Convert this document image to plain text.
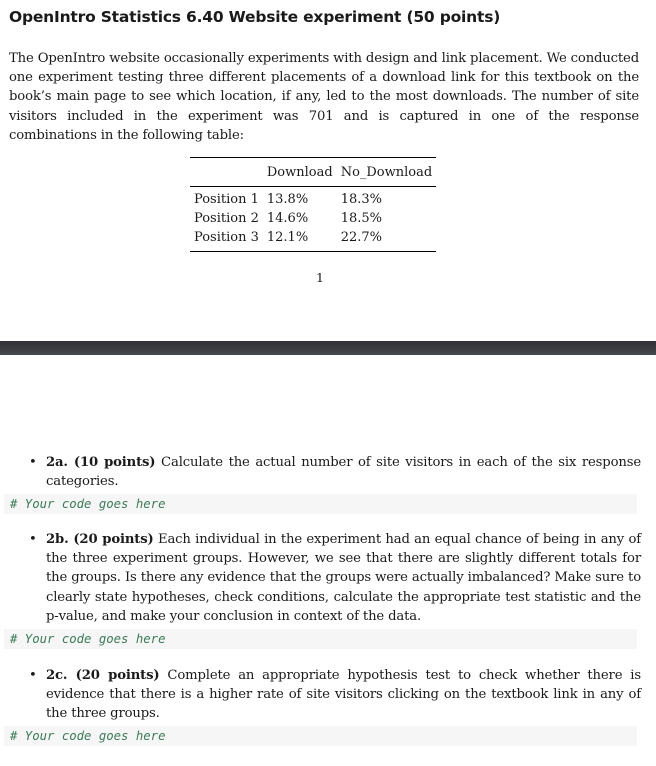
OpenIntro Statistics 6.40 Website experiment (50 points)
The OpenIntro website occasionally experiments with design and link placement. We conducted one experiment testing three different placements of a download link for this textbook on the book’s main page to see which location, if any, led to the most downloads. The number of site visitors included in the experiment was 701 and is captured in one of the response combinations in the following table:
	Download	No_Download
Position 1	13.8%	18.3%
Position 2	14.6%	18.5%
Position 3	12.1%	22.7%
1
• 2a. (10 points) Calculate the actual number of site visitors in each of the six response categories.
# Your code goes here
• 2b. (20 points) Each individual in the experiment had an equal chance of being in any of the three experiment groups. However, we see that there are slightly different totals for the groups. Is there any evidence that the groups were actually imbalanced? Make sure to clearly state hypotheses, check conditions, calculate the appropriate test statistic and the p-value, and make your conclusion in context of the data.
# Your code goes here
• 2c. (20 points) Complete an appropriate hypothesis test to check whether there is evidence that there is a higher rate of site visitors clicking on the textbook link in any of the three groups.
# Your code goes here
